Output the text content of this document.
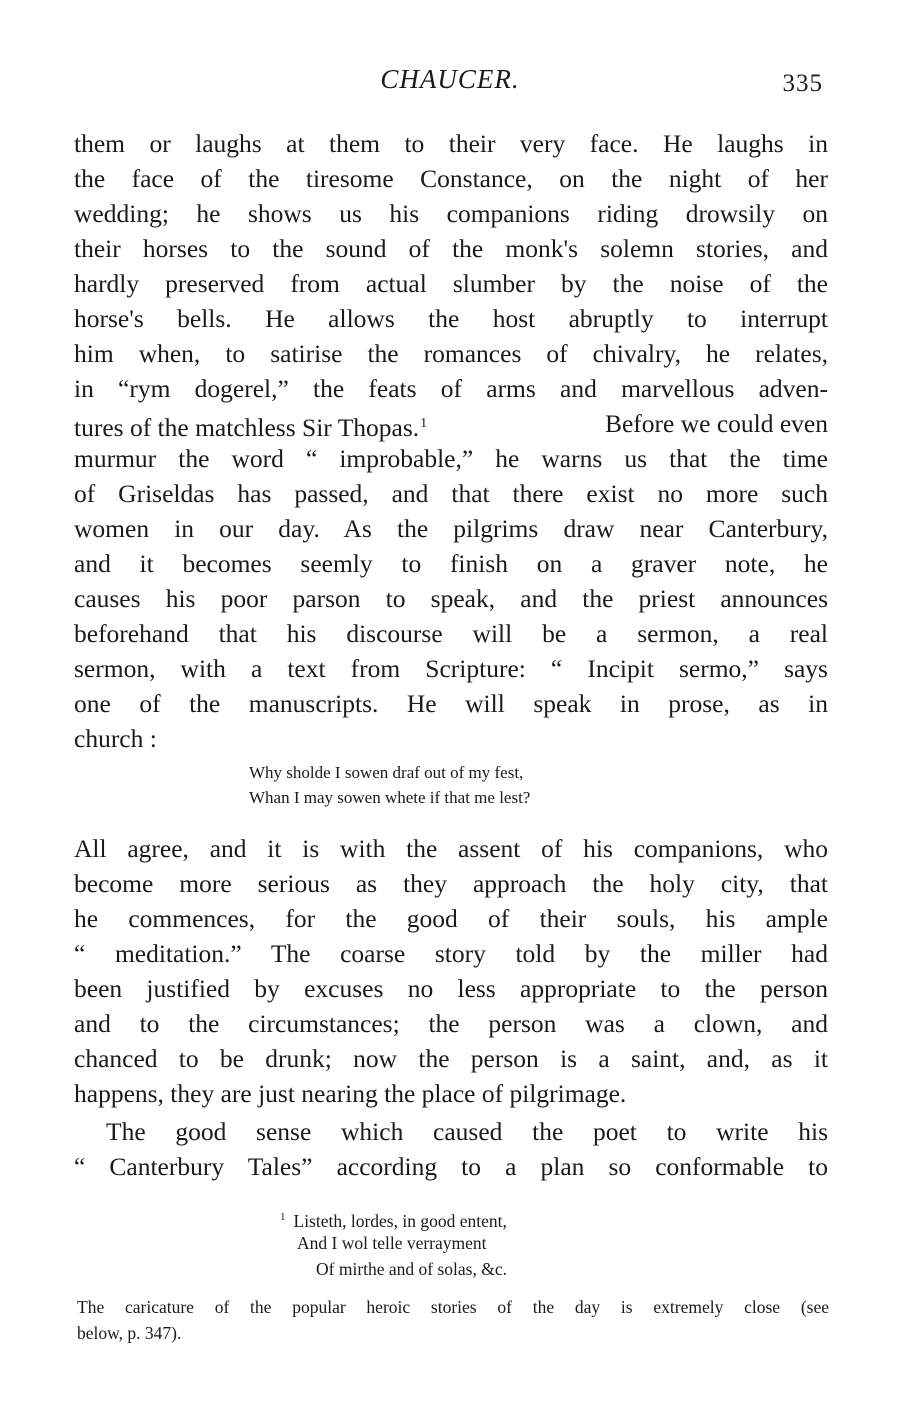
CHAUCER.	335
them or laughs at them to their very face. He laughs in
the face of the tiresome Constance, on the night of her
wedding; he shows us his companions riding drowsily on
their horses to the sound of the monk's solemn stories, and
hardly preserved from actual slumber by the noise of the
horse's bells. He allows the host abruptly to interrupt
him when, to satirise the romances of chivalry, he relates,
in “rym dogerel,” the feats of arms and marvellous adven-
tures of the matchless Sir Thopas.$^1$	Before we could even
murmur the word “ improbable,” he warns us that the time
of Griseldas has passed, and that there exist no more such
women in our day. As the pilgrims draw near Canterbury,
and it becomes seemly to finish on a graver note, he
causes his poor parson to speak, and the priest announces
beforehand that his discourse will be a sermon, a real
sermon, with a text from Scripture: “ Incipit sermo,” says
one of the manuscripts. He will speak in prose, as in
church :
Why sholde I sowen draf out of my fest,
Whan I may sowen whete if that me lest?
All agree, and it is with the assent of his companions, who
become more serious as they approach the holy city, that
he commences, for the good of their souls, his ample
“ meditation.” The coarse story told by the miller had
been justified by excuses no less appropriate to the person
and to the circumstances; the person was a clown, and
chanced to be drunk; now the person is a saint, and, as it
happens, they are just nearing the place of pilgrimage.
The good sense which caused the poet to write his
“ Canterbury Tales” according to a plan so conformable to
$^1$ Listeth, lordes, in good entent,
And I wol telle verrayment
Of mirthe and of solas, &c.
The caricature of the popular heroic stories of the day is extremely close (see
below, p. 347).
